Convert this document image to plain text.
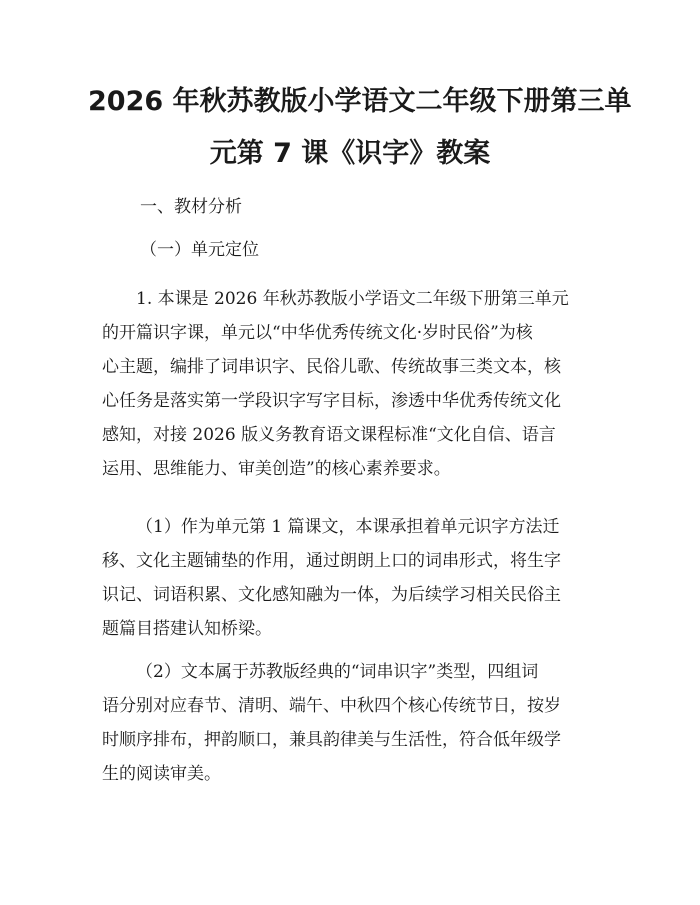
2026 年秋苏教版小学语文二年级下册第三单
元第 7 课《识字》教案
一、教材分析
（一）单元定位
1. 本课是 2026 年秋苏教版小学语文二年级下册第三单元
的开篇识字课，单元以“中华优秀传统文化·岁时民俗”为核
心主题，编排了词串识字、民俗儿歌、传统故事三类文本，核
心任务是落实第一学段识字写字目标，渗透中华优秀传统文化
感知，对接 2026 版义务教育语文课程标准“文化自信、语言
运用、思维能力、审美创造”的核心素养要求。
（1）作为单元第 1 篇课文，本课承担着单元识字方法迁
移、文化主题铺垫的作用，通过朗朗上口的词串形式，将生字
识记、词语积累、文化感知融为一体，为后续学习相关民俗主
题篇目搭建认知桥梁。
（2）文本属于苏教版经典的“词串识字”类型，四组词
语分别对应春节、清明、端午、中秋四个核心传统节日，按岁
时顺序排布，押韵顺口，兼具韵律美与生活性，符合低年级学
生的阅读审美。
